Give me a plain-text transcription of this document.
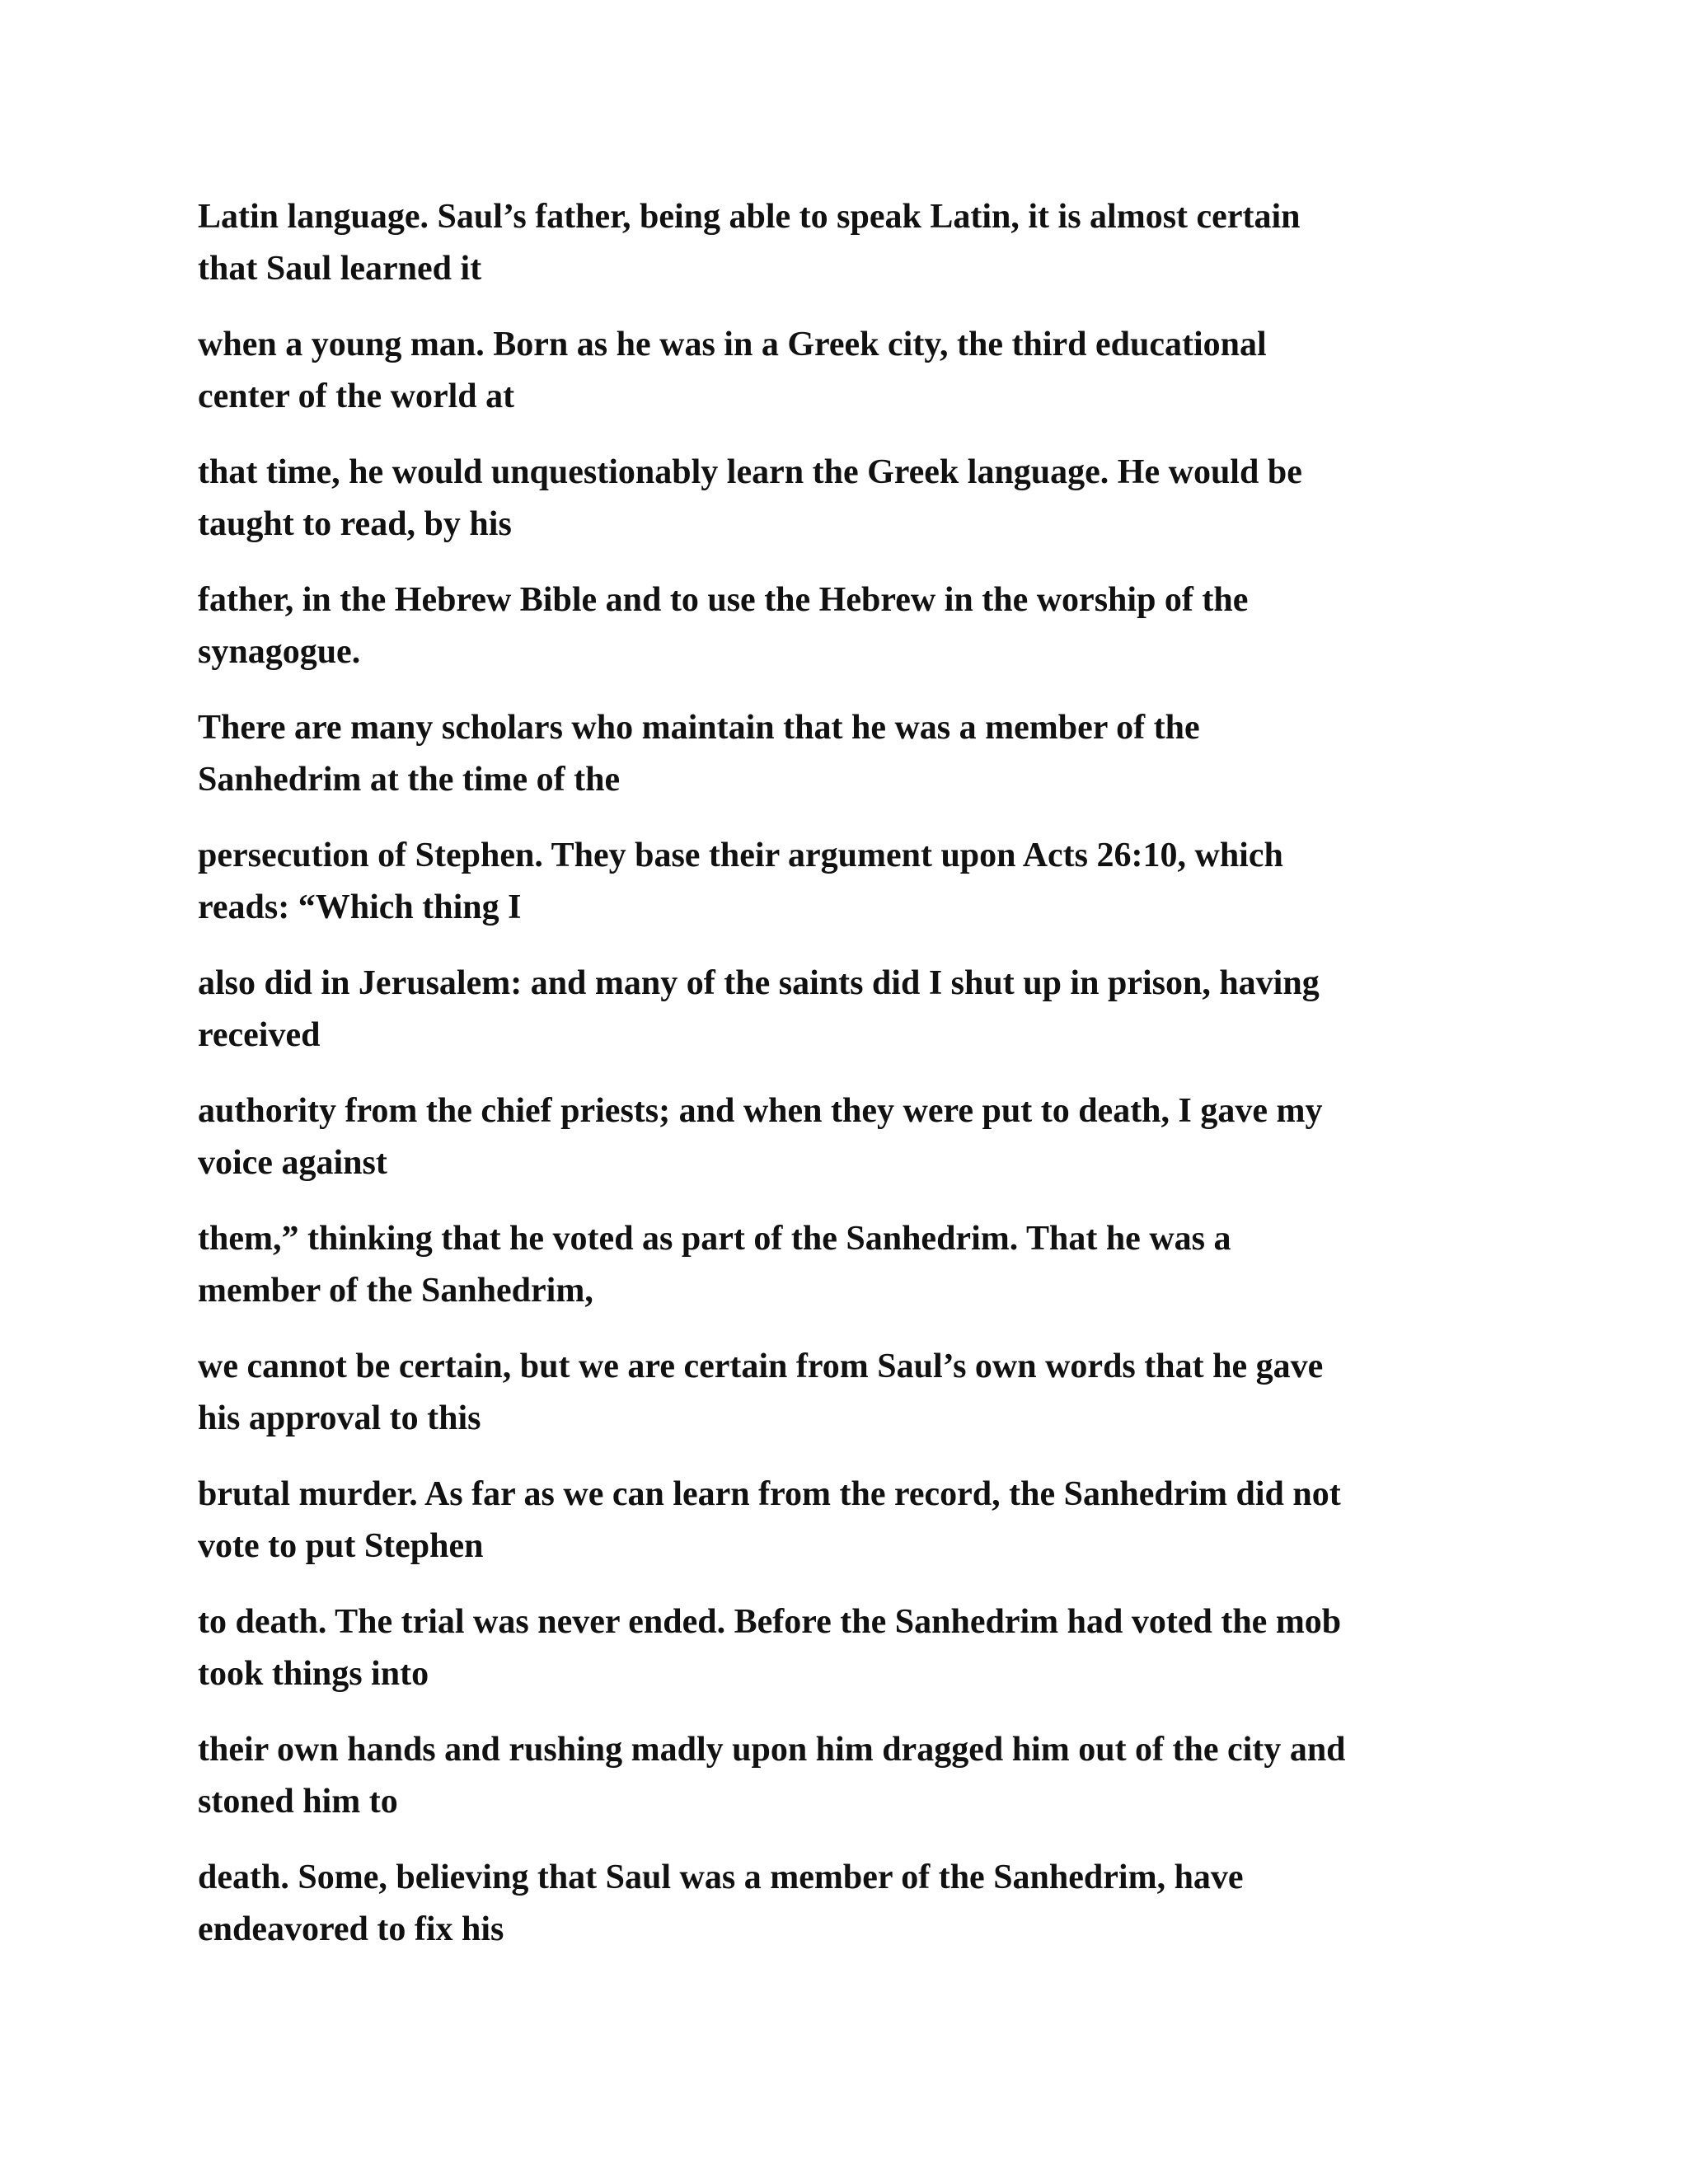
Latin language. Saul’s father, being able to speak Latin, it is almost certain
that Saul learned it

when a young man. Born as he was in a Greek city, the third educational
center of the world at

that time, he would unquestionably learn the Greek language. He would be
taught to read, by his

father, in the Hebrew Bible and to use the Hebrew in the worship of the
synagogue.

There are many scholars who maintain that he was a member of the
Sanhedrim at the time of the

persecution of Stephen. They base their argument upon Acts 26:10, which
reads: “Which thing I

also did in Jerusalem: and many of the saints did I shut up in prison, having
received

authority from the chief priests; and when they were put to death, I gave my
voice against

them,” thinking that he voted as part of the Sanhedrim. That he was a
member of the Sanhedrim,

we cannot be certain, but we are certain from Saul’s own words that he gave
his approval to this

brutal murder. As far as we can learn from the record, the Sanhedrim did not
vote to put Stephen

to death. The trial was never ended. Before the Sanhedrim had voted the mob
took things into

their own hands and rushing madly upon him dragged him out of the city and
stoned him to

death. Some, believing that Saul was a member of the Sanhedrim, have
endeavored to fix his
